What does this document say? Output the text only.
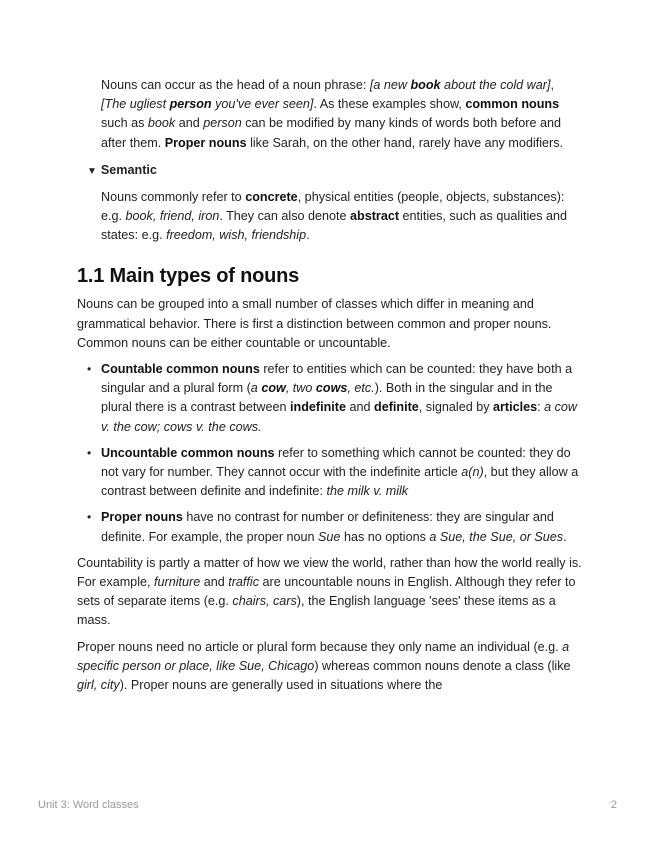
Nouns can occur as the head of a noun phrase: [a new book about the cold war], [The ugliest person you've ever seen]. As these examples show, common nouns such as book and person can be modified by many kinds of words both before and after them. Proper nouns like Sarah, on the other hand, rarely have any modifiers.

▼ Semantic

Nouns commonly refer to concrete, physical entities (people, objects, substances): e.g. book, friend, iron. They can also denote abstract entities, such as qualities and states: e.g. freedom, wish, friendship.

1.1 Main types of nouns

Nouns can be grouped into a small number of classes which differ in meaning and grammatical behavior. There is first a distinction between common and proper nouns. Common nouns can be either countable or uncountable.

• Countable common nouns refer to entities which can be counted: they have both a singular and a plural form (a cow, two cows, etc.). Both in the singular and in the plural there is a contrast between indefinite and definite, signaled by articles: a cow v. the cow; cows v. the cows.
• Uncountable common nouns refer to something which cannot be counted: they do not vary for number. They cannot occur with the indefinite article a(n), but they allow a contrast between definite and indefinite: the milk v. milk
• Proper nouns have no contrast for number or definiteness: they are singular and definite. For example, the proper noun Sue has no options a Sue, the Sue, or Sues.

Countability is partly a matter of how we view the world, rather than how the world really is. For example, furniture and traffic are uncountable nouns in English. Although they refer to sets of separate items (e.g. chairs, cars), the English language 'sees' these items as a mass.

Proper nouns need no article or plural form because they only name an individual (e.g. a specific person or place, like Sue, Chicago) whereas common nouns denote a class (like girl, city). Proper nouns are generally used in situations where the

Unit 3: Word classes	2
